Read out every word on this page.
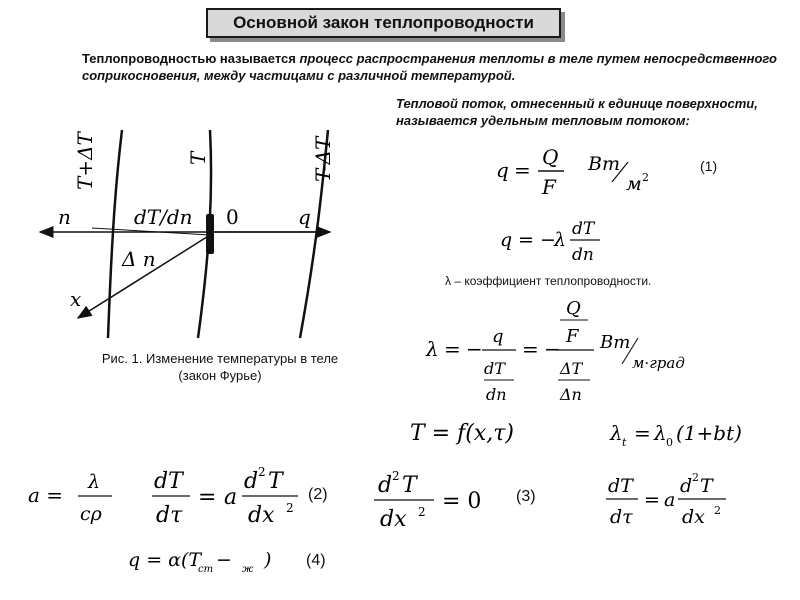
Основной закон теплопроводности
Теплопроводностью называется процесс распространения теплоты в теле путем непосредственного соприкосновения, между частицами с различной температурой.
Тепловой поток, отнесенный к единице поверхности, называется удельным тепловым потоком:
T+ΔT	T	T-ΔT
n	dT/dn 0	q
Δ n
x
Рис. 1. Изменение температуры в теле
(закон Фурье)
q =
Q
F
Вт
м 2
(1)
q = −
λ dT
dn
λ – коэффициент теплопроводности.
λ = −
q
dT
dn
= −
Q
F
ΔT
Δn
Вт
м·град
T = f(x,τ)	λ t = λ 0 (1+bt)
a =
λ
cρ
dT
dτ
= a
d 2 T
dx 2
(2) d 2 T
dx 2 = 0 (3)	dT
dτ
= a
d 2 T
dx 2
q = α(T
ст − ж ) (4)
